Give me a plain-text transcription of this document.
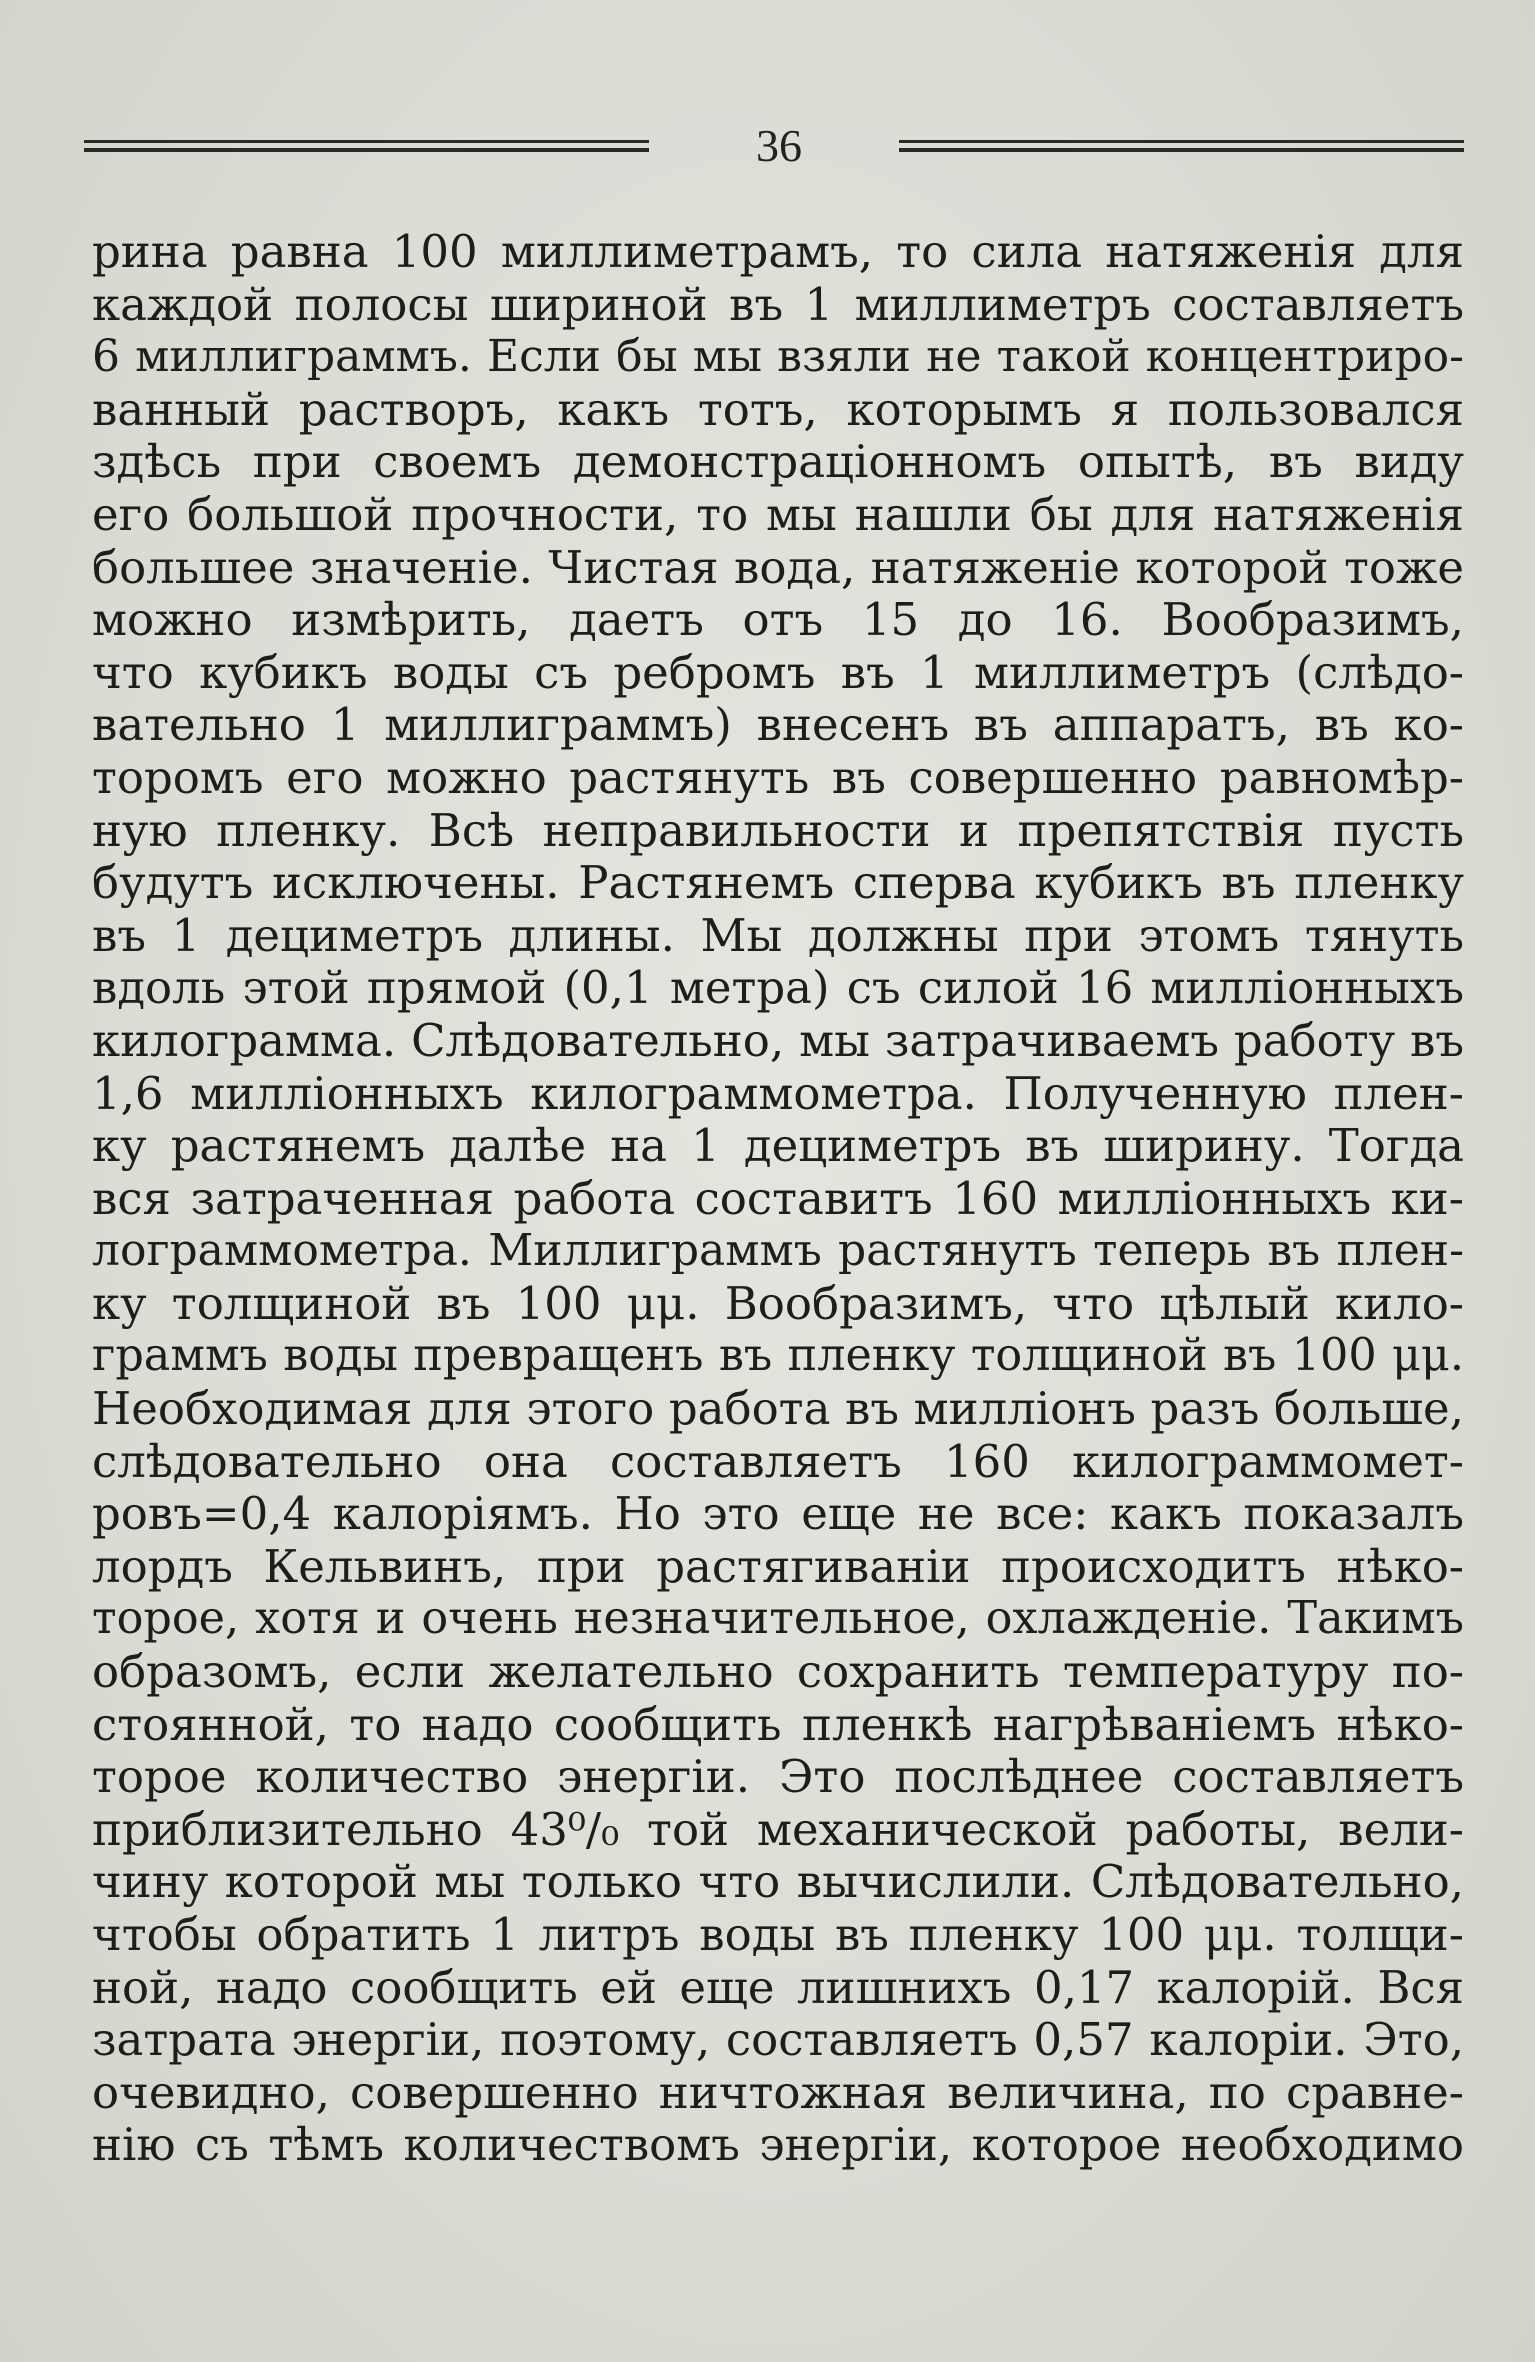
36
рина равна 100 миллиметрамъ, то сила натяженія для
каждой полосы шириной въ 1 миллиметръ составляетъ
6 миллиграммъ. Если бы мы взяли не такой концентриро-
ванный растворъ, какъ тотъ, которымъ я пользовался
здѣсь при своемъ демонстраціонномъ опытѣ, въ виду
его большой прочности, то мы нашли бы для натяженія
большее значеніе. Чистая вода, натяженіе которой тоже
можно измѣрить, даетъ отъ 15 до 16. Вообразимъ,
что кубикъ воды съ ребромъ въ 1 миллиметръ (слѣдо-
вательно 1 миллиграммъ) внесенъ въ аппаратъ, въ ко-
торомъ его можно растянуть въ совершенно равномѣр-
ную пленку. Всѣ неправильности и препятствія пусть
будутъ исключены. Растянемъ сперва кубикъ въ пленку
въ 1 дециметръ длины. Мы должны при этомъ тянуть
вдоль этой прямой (0,1 метра) съ силой 16 милліонныхъ
килограмма. Слѣдовательно, мы затрачиваемъ работу въ
1,6 милліонныхъ килограммометра. Полученную плен-
ку растянемъ далѣе на 1 дециметръ въ ширину. Тогда
вся затраченная работа составитъ 160 милліонныхъ ки-
лограммометра. Миллиграммъ растянутъ теперь въ плен-
ку толщиной въ 100 μμ. Вообразимъ, что цѣлый кило-
граммъ воды превращенъ въ пленку толщиной въ 100 μμ.
Необходимая для этого работа въ милліонъ разъ больше,
слѣдовательно она составляетъ 160 килограммомет-
ровъ=0,4 калоріямъ. Но это еще не все: какъ показалъ
лордъ Кельвинъ, при растягиваніи происходитъ нѣко-
торое, хотя и очень незначительное, охлажденіе. Такимъ
образомъ, если желательно сохранить температуру по-
стоянной, то надо сообщить пленкѣ нагрѣваніемъ нѣко-
торое количество энергіи. Это послѣднее составляетъ
приблизительно 43⁰/₀ той механической работы, вели-
чину которой мы только что вычислили. Слѣдовательно,
чтобы обратить 1 литръ воды въ пленку 100 μμ. толщи-
ной, надо сообщить ей еще лишнихъ 0,17 калорій. Вся
затрата энергіи, поэтому, составляетъ 0,57 калоріи. Это,
очевидно, совершенно ничтожная величина, по сравне-
нію съ тѣмъ количествомъ энергіи, которое необходимо
